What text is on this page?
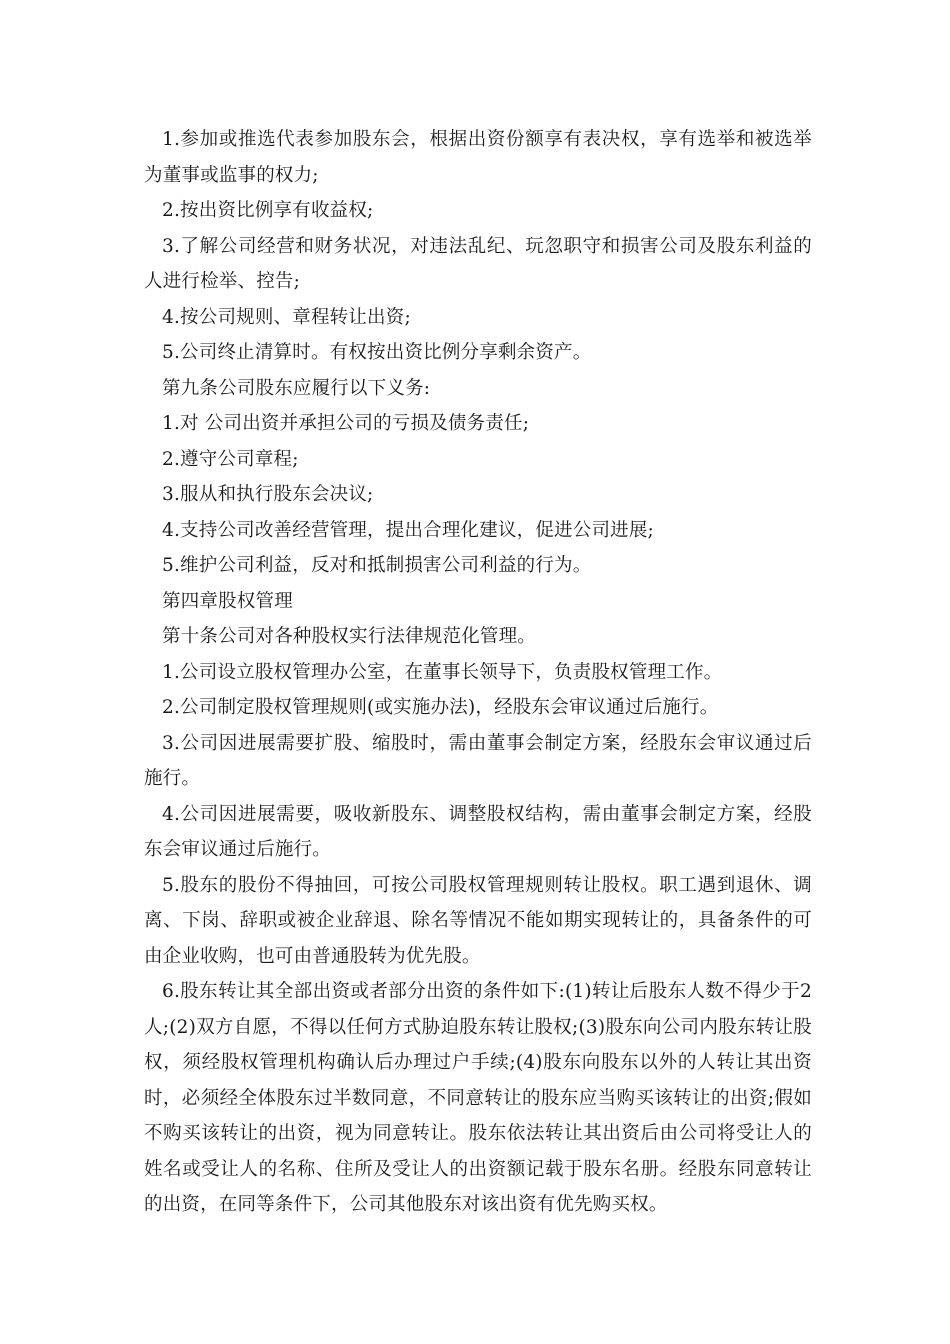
1.参加或推选代表参加股东会，根据出资份额享有表决权，享有选举和被选举为董事或监事的权力;

2.按出资比例享有收益权;

3.了解公司经营和财务状况，对违法乱纪、玩忽职守和损害公司及股东利益的人进行检举、控告;

4.按公司规则、章程转让出资;

5.公司终止清算时。有权按出资比例分享剩余资产。

第九条公司股东应履行以下义务:

1.对 公司出资并承担公司的亏损及债务责任;

2.遵守公司章程;

3.服从和执行股东会决议;

4.支持公司改善经营管理，提出合理化建议，促进公司进展;

5.维护公司利益，反对和抵制损害公司利益的行为。

第四章股权管理

第十条公司对各种股权实行法律规范化管理。

1.公司设立股权管理办公室，在董事长领导下，负责股权管理工作。

2.公司制定股权管理规则(或实施办法)，经股东会审议通过后施行。

3.公司因进展需要扩股、缩股时，需由董事会制定方案，经股东会审议通过后施行。

4.公司因进展需要，吸收新股东、调整股权结构，需由董事会制定方案，经股东会审议通过后施行。

5.股东的股份不得抽回，可按公司股权管理规则转让股权。职工遇到退休、调离、下岗、辞职或被企业辞退、除名等情况不能如期实现转让的，具备条件的可由企业收购，也可由普通股转为优先股。

6.股东转让其全部出资或者部分出资的条件如下:(1)转让后股东人数不得少于2人;(2)双方自愿，不得以任何方式胁迫股东转让股权;(3)股东向公司内股东转让股权，须经股权管理机构确认后办理过户手续;(4)股东向股东以外的人转让其出资时，必须经全体股东过半数同意，不同意转让的股东应当购买该转让的出资;假如不购买该转让的出资，视为同意转让。股东依法转让其出资后由公司将受让人的姓名或受让人的名称、住所及受让人的出资额记载于股东名册。经股东同意转让的出资，在同等条件下，公司其他股东对该出资有优先购买权。
